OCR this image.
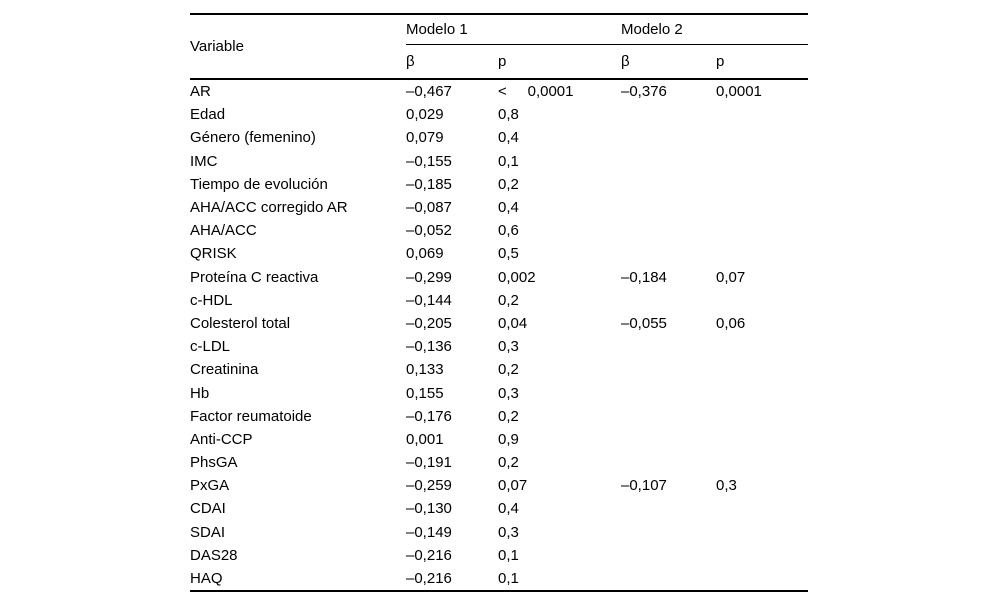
Variable	Modelo 1		Modelo 2	
	β	p	β	p
AR	–0,467	<     0,0001	–0,376	0,0001
Edad	0,029	0,8		
Género (femenino)	0,079	0,4		
IMC	–0,155	0,1		
Tiempo de evolución	–0,185	0,2		
AHA/ACC corregido AR	–0,087	0,4		
AHA/ACC	–0,052	0,6		
QRISK	0,069	0,5		
Proteína C reactiva	–0,299	0,002	–0,184	0,07
c-HDL	–0,144	0,2		
Colesterol total	–0,205	0,04	–0,055	0,06
c-LDL	–0,136	0,3		
Creatinina	0,133	0,2		
Hb	0,155	0,3		
Factor reumatoide	–0,176	0,2		
Anti-CCP	0,001	0,9		
PhsGA	–0,191	0,2		
PxGA	–0,259	0,07	–0,107	0,3
CDAI	–0,130	0,4		
SDAI	–0,149	0,3		
DAS28	–0,216	0,1		
HAQ	–0,216	0,1		
